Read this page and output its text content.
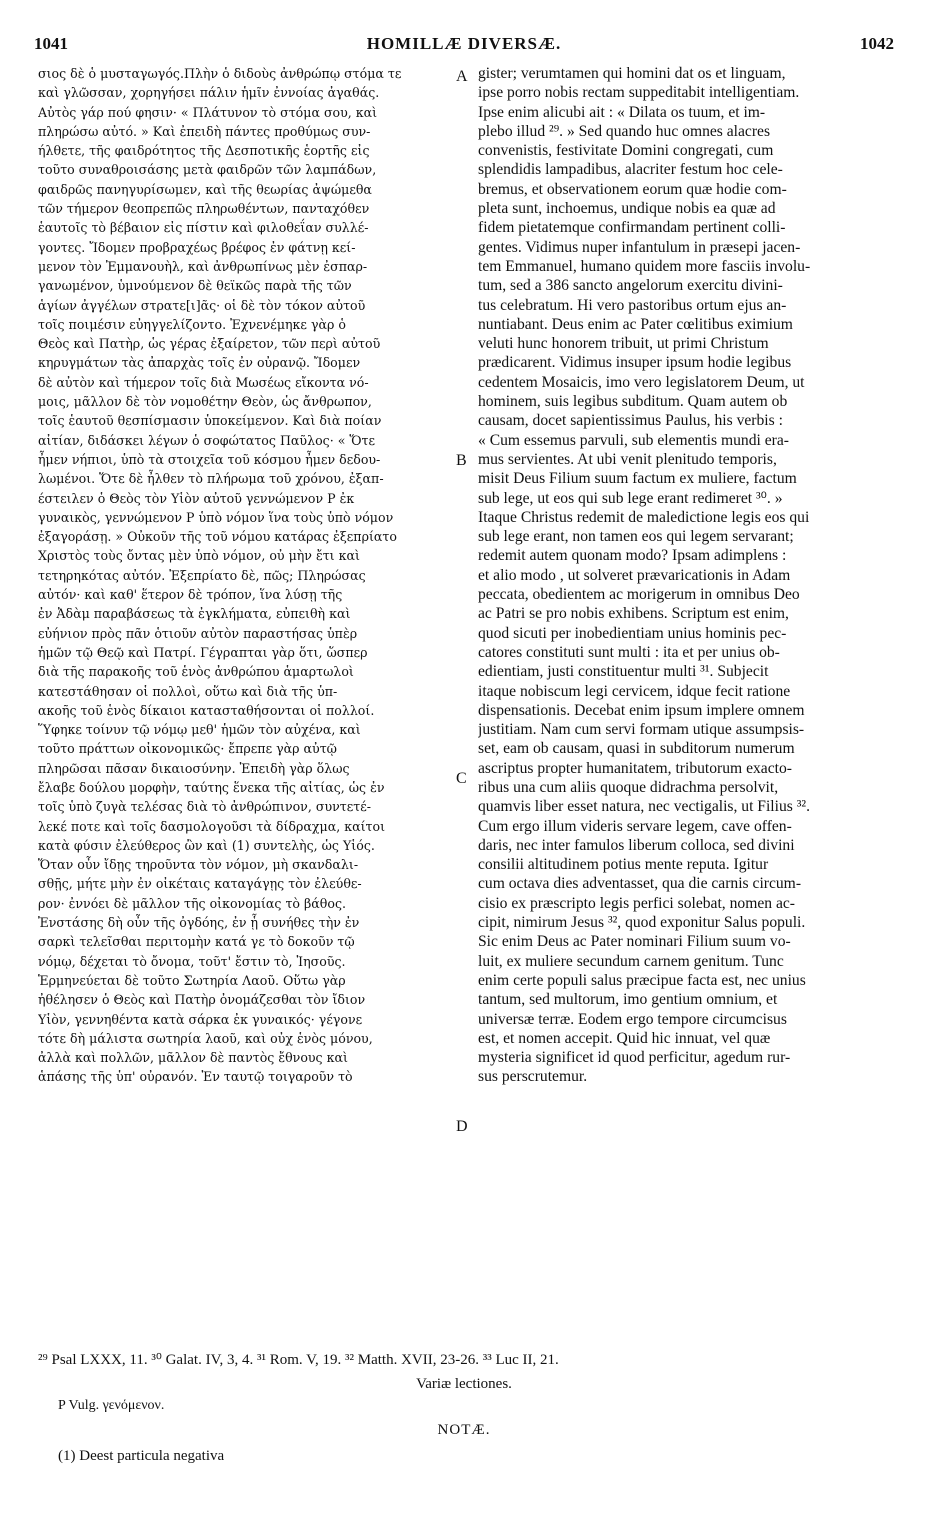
1041	HOMILLÆ DIVERSÆ.	1042
σιος δὲ ὁ μυσταγωγός.Πλὴν ὁ διδοὺς ἀνθρώπῳ στόμα τε
καὶ γλῶσσαν, χορηγήσει πάλιν ἡμῖν ἐννοίας ἀγαθάς.
Αὐτὸς γάρ πού φησιν· « Πλάτυνον τὸ στόμα σου, καὶ
πληρώσω αὐτό. » Καὶ ἐπειδὴ πάντες προθύμως συν-
ήλθετε, τῆς φαιδρότητος τῆς Δεσποτικῆς ἑορτῆς εἰς
τοῦτο συναθροισάσης μετὰ φαιδρῶν τῶν λαμπάδων,
φαιδρῶς πανηγυρίσωμεν, καὶ τῆς θεωρίας ἀψώμεθα
τῶν τήμερον θεοπρεπῶς πληρωθέντων, πανταχόθεν
ἑαυτοῖς τὸ βέβαιον εἰς πίστιν καὶ φιλοθεΐαν συλλέ-
γοντες. Ἴδομεν προβραχέως βρέφος ἐν φάτνῃ κεί-
μενον τὸν Ἐμμανουὴλ, καὶ ἀνθρωπίνως μὲν ἐσπαρ-
γανωμένον, ὑμνούμενον δὲ θεϊκῶς παρὰ τῆς τῶν
ἁγίων ἀγγέλων στρατε[ι]ᾶς· οἱ δὲ τὸν τόκον αὐτοῦ
τοῖς ποιμέσιν εὐηγγελίζοντο. Ἐχνενέμηκε γὰρ ὁ
Θεὸς καὶ Πατὴρ, ὡς γέρας ἐξαίρετον, τῶν περὶ αὐτοῦ
κηρυγμάτων τὰς ἀπαρχὰς τοῖς ἐν οὐρανῷ. Ἴδομεν
δὲ αὐτὸν καὶ τήμερον τοῖς διὰ Μωσέως εἴκοντα νό-
μοις, μᾶλλον δὲ τὸν νομοθέτην Θεὸν, ὡς ἄνθρωπον,
τοῖς ἑαυτοῦ θεσπίσμασιν ὑποκείμενον. Καὶ διὰ ποίαν
αἰτίαν, διδάσκει λέγων ὁ σοφώτατος Παῦλος· « Ὅτε
ἦμεν νήπιοι, ὑπὸ τὰ στοιχεῖα τοῦ κόσμου ἦμεν δεδου-
λωμένοι. Ὅτε δὲ ἦλθεν τὸ πλήρωμα τοῦ χρόνου, ἐξαπ-
έστειλεν ὁ Θεὸς τὸν Υἱὸν αὐτοῦ γεννώμενον P ἐκ
γυναικὸς, γεννώμενον P ὑπὸ νόμον ἵνα τοὺς ὑπὸ νόμον
ἐξαγοράσῃ. » Οὐκοῦν τῆς τοῦ νόμου κατάρας ἐξεπρίατο
Χριστὸς τοὺς ὄντας μὲν ὑπὸ νόμον, οὐ μὴν ἔτι καὶ
τετηρηκότας αὐτόν. Ἐξεπρίατο δὲ, πῶς; Πληρώσας
αὐτόν· καὶ καθ' ἕτερον δὲ τρόπον, ἵνα λύσῃ τῆς
ἐν Ἀδὰμ παραβάσεως τὰ ἐγκλήματα, εὐπειθὴ καὶ
εὐήνιον πρὸς πᾶν ὁτιοῦν αὐτὸν παραστήσας ὑπὲρ
ἡμῶν τῷ Θεῷ καὶ Πατρί. Γέγραπται γὰρ ὅτι, ὥσπερ
διὰ τῆς παρακοῆς τοῦ ἑνὸς ἀνθρώπου ἁμαρτωλοὶ
κατεστάθησαν οἱ πολλοὶ, οὕτω καὶ διὰ τῆς ὑπ-
ακοῆς τοῦ ἑνὸς δίκαιοι κατασταθήσονται οἱ πολλοί.
Ὕφηκε τοίνυν τῷ νόμῳ μεθ' ἡμῶν τὸν αὐχένα, καὶ
τοῦτο πράττων οἰκονομικῶς· ἔπρεπε γὰρ αὐτῷ
πληρῶσαι πᾶσαν δικαιοσύνην. Ἐπειδὴ γὰρ ὅλως
ἔλαβε δούλου μορφὴν, ταύτης ἕνεκα τῆς αἰτίας, ὡς ἐν
τοῖς ὑπὸ ζυγὰ τελέσας διὰ τὸ ἀνθρώπινον, συντετέ-
λεκέ ποτε καὶ τοῖς δασμολογοῦσι τὰ δίδραχμα, καίτοι
κατὰ φύσιν ἐλεύθερος ὢν καὶ (1) συντελὴς, ὡς Υἱός.
Ὅταν οὖν ἴδῃς τηροῦντα τὸν νόμον, μὴ σκανδαλι-
σθῇς, μήτε μὴν ἐν οἰκέταις καταγάγῃς τὸν ἐλεύθε-
ρον· ἐννόει δὲ μᾶλλον τῆς οἰκονομίας τὸ βάθος.
Ἐνστάσης δὴ οὖν τῆς ὀγδόης, ἐν ᾗ συνήθες τὴν ἐν
σαρκὶ τελεῖσθαι περιτομὴν κατά γε τὸ δοκοῦν τῷ
νόμῳ, δέχεται τὸ ὄνομα, τοῦτ' ἔστιν τὸ, Ἰησοῦς.
Ἑρμηνεύεται δὲ τοῦτο Σωτηρία Λαοῦ. Οὕτω γὰρ
ἠθέλησεν ὁ Θεὸς καὶ Πατὴρ ὀνομάζεσθαι τὸν ἴδιον
Υἱὸν, γεννηθέντα κατὰ σάρκα ἐκ γυναικός· γέγονε
τότε δὴ μάλιστα σωτηρία λαοῦ, καὶ οὐχ ἑνὸς μόνου,
ἀλλὰ καὶ πολλῶν, μᾶλλον δὲ παντὸς ἔθνους καὶ
ἁπάσης τῆς ὑπ' οὐρανόν. Ἐν ταυτῷ τοιγαροῦν τὸ
gister; verumtamen qui homini dat os et linguam,
ipse porro nobis rectam suppeditabit intelligentiam.
Ipse enim alicubi ait : « Dilata os tuum, et im-
plebo illud ²⁹. » Sed quando huc omnes alacres
convenistis, festivitate Domini congregati, cum
splendidis lampadibus, alacriter festum hoc cele-
bremus, et observationem eorum quæ hodie com-
pleta sunt, inchoemus, undique nobis ea quæ ad
fidem pietatemque confirmandam pertinent colli-
gentes. Vidimus nuper infantulum in præsepi jacen-
tem Emmanuel, humano quidem more fasciis involu-
tum, sed a 386 sancto angelorum exercitu divini-
tus celebratum. Hi vero pastoribus ortum ejus an-
nuntiabant. Deus enim ac Pater cœlitibus eximium
veluti hunc honorem tribuit, ut primi Christum
prædicarent. Vidimus insuper ipsum hodie legibus
cedentem Mosaicis, imo vero legislatorem Deum, ut
hominem, suis legibus subditum. Quam autem ob
causam, docet sapientissimus Paulus, his verbis :
« Cum essemus parvuli, sub elementis mundi era-
mus servientes. At ubi venit plenitudo temporis,
misit Deus Filium suum factum ex muliere, factum
sub lege, ut eos qui sub lege erant redimeret ³⁰. »
Itaque Christus redemit de maledictione legis eos qui
sub lege erant, non tamen eos qui legem servarant;
redemit autem quonam modo? Ipsam adimplens :
et alio modo , ut solveret prævaricationis in Adam
peccata, obedientem ac morigerum in omnibus Deo
ac Patri se pro nobis exhibens. Scriptum est enim,
quod sicuti per inobedientiam unius hominis pec-
catores constituti sunt multi : ita et per unius ob-
edientiam, justi constituentur multi ³¹. Subjecit
itaque nobiscum legi cervicem, idque fecit ratione
dispensationis. Decebat enim ipsum implere omnem
justitiam. Nam cum servi formam utique assumpsis-
set, eam ob causam, quasi in subditorum numerum
ascriptus propter humanitatem, tributorum exacto-
ribus una cum aliis quoque didrachma persolvit,
quamvis liber esset natura, nec vectigalis, ut Filius ³².
Cum ergo illum videris servare legem, cave offen-
daris, nec inter famulos liberum colloca, sed divini
consilii altitudinem potius mente reputa. Igitur
cum octava dies adventasset, qua die carnis circum-
cisio ex præscripto legis perfici solebat, nomen ac-
cipit, nimirum Jesus ³², quod exponitur Salus populi.
Sic enim Deus ac Pater nominari Filium suum vo-
luit, ex muliere secundum carnem genitum. Tunc
enim certe populi salus præcipue facta est, nec unius
tantum, sed multorum, imo gentium omnium, et
universæ terræ. Eodem ergo tempore circumcisus
est, et nomen accepit. Quid hic innuat, vel quæ
mysteria significet id quod perficitur, agedum rur-
sus perscrutemur.
A
B
C
D
²⁹ Psal LXXX, 11. ³⁰ Galat. IV, 3, 4. ³¹ Rom. V, 19. ³² Matth. XVII, 23-26. ³³ Luc II, 21.
Variæ lectiones.
P Vulg. γενόμενον.
NOTÆ.
(1) Deest particula negativa
